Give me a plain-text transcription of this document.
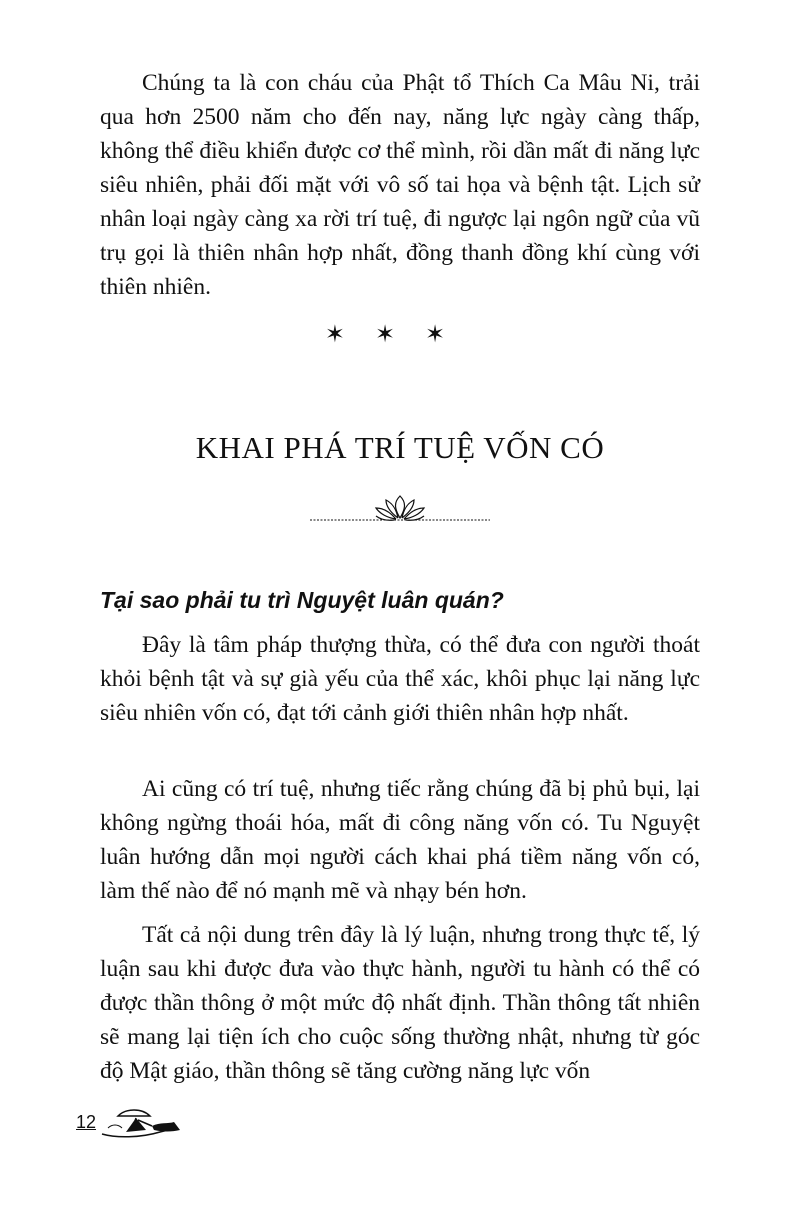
Chúng ta là con cháu của Phật tổ Thích Ca Mâu Ni, trải qua hơn 2500 năm cho đến nay, năng lực ngày càng thấp, không thể điều khiển được cơ thể mình, rồi dần mất đi năng lực siêu nhiên, phải đối mặt với vô số tai họa và bệnh tật. Lịch sử nhân loại ngày càng xa rời trí tuệ, đi ngược lại ngôn ngữ của vũ trụ gọi là thiên nhân hợp nhất, đồng thanh đồng khí cùng với thiên nhiên.

✶✶✶
KHAI PHÁ TRÍ TUỆ VỐN CÓ
Tại sao phải tu trì Nguyệt luân quán?

Đây là tâm pháp thượng thừa, có thể đưa con người thoát khỏi bệnh tật và sự già yếu của thể xác, khôi phục lại năng lực siêu nhiên vốn có, đạt tới cảnh giới thiên nhân hợp nhất.

Ai cũng có trí tuệ, nhưng tiếc rằng chúng đã bị phủ bụi, lại không ngừng thoái hóa, mất đi công năng vốn có. Tu Nguyệt luân hướng dẫn mọi người cách khai phá tiềm năng vốn có, làm thế nào để nó mạnh mẽ và nhạy bén hơn.

Tất cả nội dung trên đây là lý luận, nhưng trong thực tế, lý luận sau khi được đưa vào thực hành, người tu hành có thể có được thần thông ở một mức độ nhất định. Thần thông tất nhiên sẽ mang lại tiện ích cho cuộc sống thường nhật, nhưng từ góc độ Mật giáo, thần thông sẽ tăng cường năng lực vốn

12
